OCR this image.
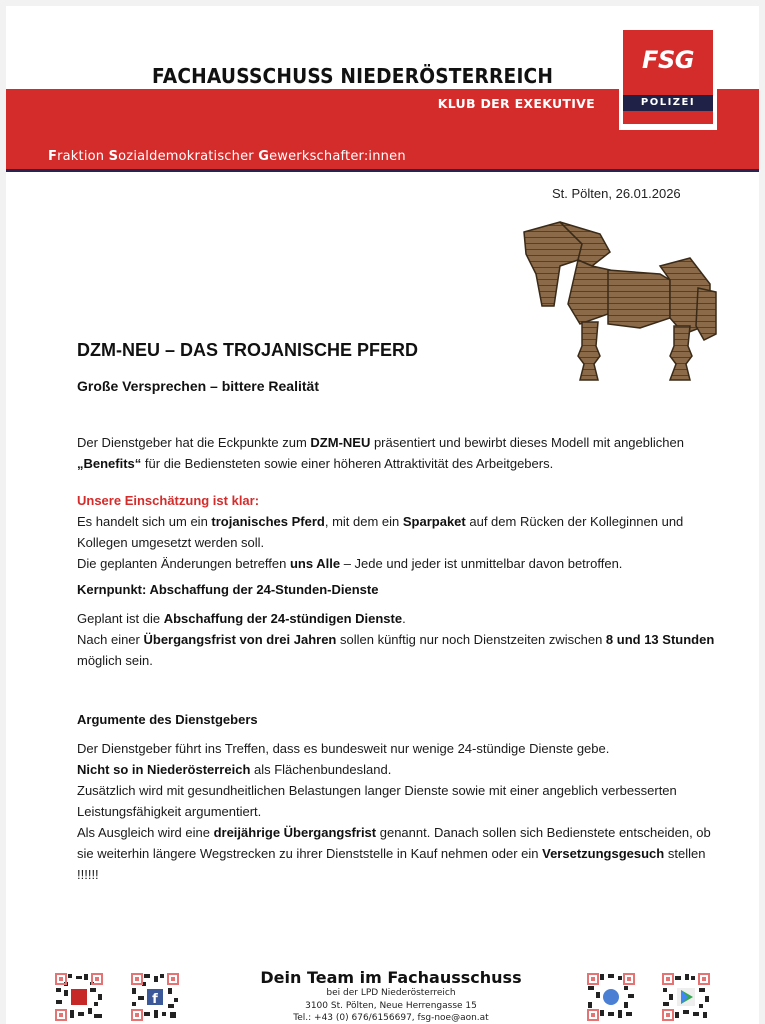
FACHAUSSCHUSS NIEDERÖSTERREICH
KLUB DER EXEKUTIVE
Fraktion Sozialdemokratischer Gewerkschafter:innen
FSG
POLIZEI
St. Pölten, 26.01.2026
DZM-NEU – DAS TROJANISCHE PFERD
Große Versprechen – bittere Realität
Der Dienstgeber hat die Eckpunkte zum DZM-NEU präsentiert und bewirbt dieses Modell mit angeblichen „Benefits“ für die Bediensteten sowie einer höheren Attraktivität des Arbeitgebers.
Unsere Einschätzung ist klar:
Es handelt sich um ein trojanisches Pferd, mit dem ein Sparpaket auf dem Rücken der Kolleginnen und Kollegen umgesetzt werden soll.
Die geplanten Änderungen betreffen uns Alle – Jede und jeder ist unmittelbar davon betroffen.
Kernpunkt: Abschaffung der 24-Stunden-Dienste
Geplant ist die Abschaffung der 24-stündigen Dienste.
Nach einer Übergangsfrist von drei Jahren sollen künftig nur noch Dienstzeiten zwischen 8 und 13 Stunden möglich sein.
Argumente des Dienstgebers
Der Dienstgeber führt ins Treffen, dass es bundesweit nur wenige 24-stündige Dienste gebe.
Nicht so in Niederösterreich als Flächenbundesland.
Zusätzlich wird mit gesundheitlichen Belastungen langer Dienste sowie mit einer angeblich verbesserten Leistungsfähigkeit argumentiert.
Als Ausgleich wird eine dreijährige Übergangsfrist genannt. Danach sollen sich Bedienstete entscheiden, ob sie weiterhin längere Wegstrecken zu ihrer Dienststelle in Kauf nehmen oder ein Versetzungsgesuch stellen !!!!!!
f
Dein Team im Fachausschuss
bei der LPD Niederösterreich
3100 St. Pölten, Neue Herrengasse 15
Tel.: +43 (0) 676/6156697, fsg-noe@aon.at
